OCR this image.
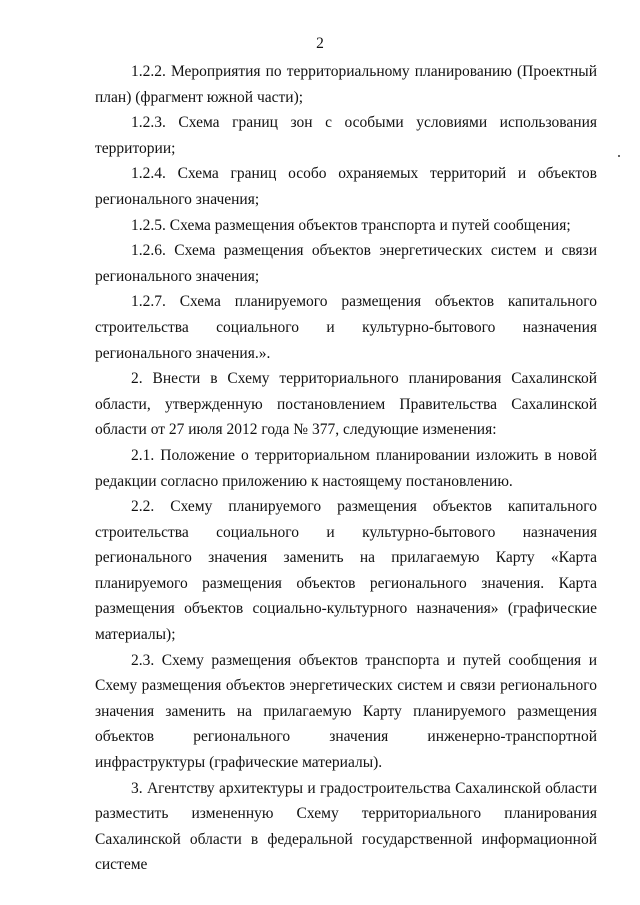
2

1.2.2. Мероприятия по территориальному планированию (Проектный план) (фрагмент южной части);

1.2.3. Схема границ зон с особыми условиями использования территории;

1.2.4. Схема границ особо охраняемых территорий и объектов регионального значения;

1.2.5. Схема размещения объектов транспорта и путей сообщения;

1.2.6. Схема размещения объектов энергетических систем и связи регионального значения;

1.2.7. Схема планируемого размещения объектов капитального строительства социального и культурно-бытового назначения регионального значения.».

2. Внести в Схему территориального планирования Сахалинской области, утвержденную постановлением Правительства Сахалинской области от 27 июля 2012 года № 377, следующие изменения:

2.1. Положение о территориальном планировании изложить в новой редакции согласно приложению к настоящему постановлению.

2.2. Схему планируемого размещения объектов капитального строительства социального и культурно-бытового назначения регионального значения заменить на прилагаемую Карту «Карта планируемого размещения объектов регионального значения. Карта размещения объектов социально-культурного назначения» (графические материалы);

2.3. Схему размещения объектов транспорта и путей сообщения и Схему размещения объектов энергетических систем и связи регионального значения заменить на прилагаемую Карту планируемого размещения объектов регионального значения инженерно-транспортной инфраструктуры (графические материалы).

3. Агентству архитектуры и градостроительства Сахалинской области разместить измененную Схему территориального планирования Сахалинской области в федеральной государственной информационной системе
